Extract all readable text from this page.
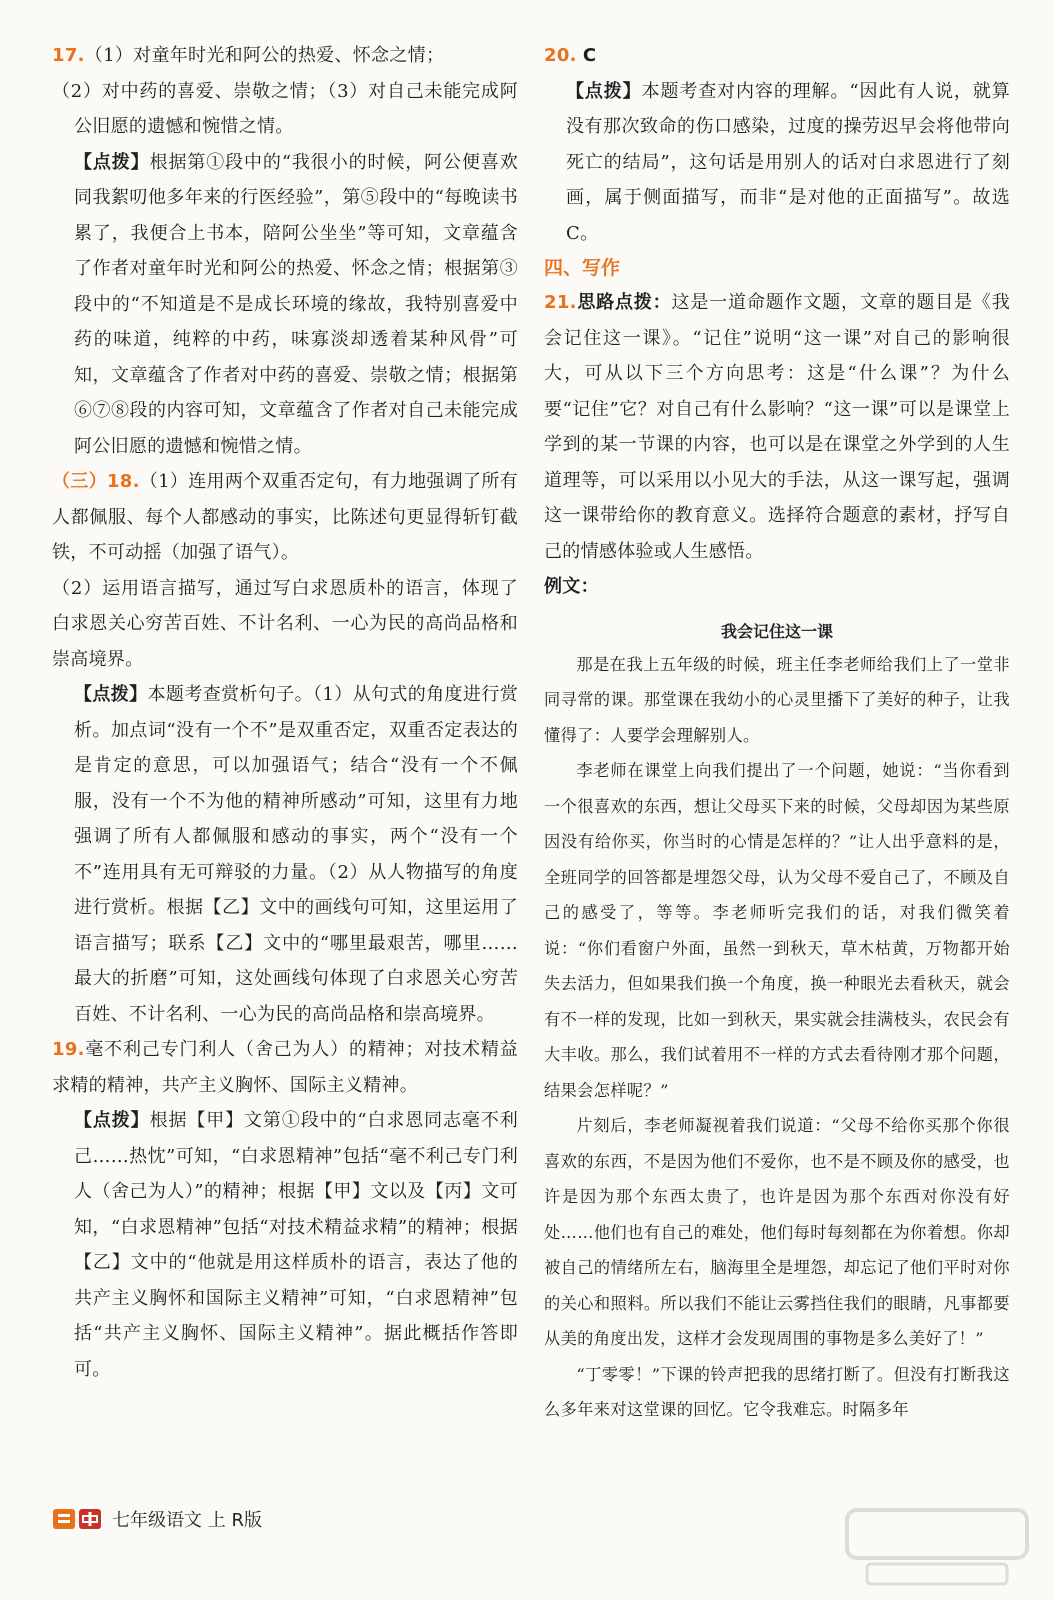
17.（1）对童年时光和阿公的热爱、怀念之情；

（2）对中药的喜爱、崇敬之情；（3）对自己未能完成阿公旧愿的遗憾和惋惜之情。

【点拨】根据第①段中的“我很小的时候，阿公便喜欢同我絮叨他多年来的行医经验”，第⑤段中的“每晚读书累了，我便合上书本，陪阿公坐坐”等可知，文章蕴含了作者对童年时光和阿公的热爱、怀念之情；根据第③段中的“不知道是不是成长环境的缘故，我特别喜爱中药的味道，纯粹的中药，味寡淡却透着某种风骨”可知，文章蕴含了作者对中药的喜爱、崇敬之情；根据第⑥⑦⑧段的内容可知，文章蕴含了作者对自己未能完成阿公旧愿的遗憾和惋惜之情。

（三）18.（1）连用两个双重否定句，有力地强调了所有人都佩服、每个人都感动的事实，比陈述句更显得斩钉截铁，不可动摇（加强了语气）。

（2）运用语言描写，通过写白求恩质朴的语言，体现了白求恩关心穷苦百姓、不计名利、一心为民的高尚品格和崇高境界。

【点拨】本题考查赏析句子。（1）从句式的角度进行赏析。加点词“没有一个不”是双重否定，双重否定表达的是肯定的意思，可以加强语气；结合“没有一个不佩服，没有一个不为他的精神所感动”可知，这里有力地强调了所有人都佩服和感动的事实，两个“没有一个不”连用具有无可辩驳的力量。（2）从人物描写的角度进行赏析。根据【乙】文中的画线句可知，这里运用了语言描写；联系【乙】文中的“哪里最艰苦，哪里……最大的折磨”可知，这处画线句体现了白求恩关心穷苦百姓、不计名利、一心为民的高尚品格和崇高境界。

19.毫不利己专门利人（舍己为人）的精神；对技术精益求精的精神，共产主义胸怀、国际主义精神。

【点拨】根据【甲】文第①段中的“白求恩同志毫不利己……热忱”可知，“白求恩精神”包括“毫不利己专门利人（舍己为人）”的精神；根据【甲】文以及【丙】文可知，“白求恩精神”包括“对技术精益求精”的精神；根据【乙】文中的“他就是用这样质朴的语言，表达了他的共产主义胸怀和国际主义精神”可知，“白求恩精神”包括“共产主义胸怀、国际主义精神”。据此概括作答即可。

20. C

【点拨】本题考查对内容的理解。“因此有人说，就算没有那次致命的伤口感染，过度的操劳迟早会将他带向死亡的结局”，这句话是用别人的话对白求恩进行了刻画，属于侧面描写，而非“是对他的正面描写”。故选C。

四、写作

21.思路点拨：这是一道命题作文题，文章的题目是《我会记住这一课》。“记住”说明“这一课”对自己的影响很大，可从以下三个方向思考：这是“什么课”？为什么要“记住”它？对自己有什么影响？“这一课”可以是课堂上学到的某一节课的内容，也可以是在课堂之外学到的人生道理等，可以采用以小见大的手法，从这一课写起，强调这一课带给你的教育意义。选择符合题意的素材，抒写自己的情感体验或人生感悟。

例文：

我会记住这一课

那是在我上五年级的时候，班主任李老师给我们上了一堂非同寻常的课。那堂课在我幼小的心灵里播下了美好的种子，让我懂得了：人要学会理解别人。

李老师在课堂上向我们提出了一个问题，她说：“当你看到一个很喜欢的东西，想让父母买下来的时候，父母却因为某些原因没有给你买，你当时的心情是怎样的？”让人出乎意料的是，全班同学的回答都是埋怨父母，认为父母不爱自己了，不顾及自己的感受了，等等。李老师听完我们的话，对我们微笑着说：“你们看窗户外面，虽然一到秋天，草木枯黄，万物都开始失去活力，但如果我们换一个角度，换一种眼光去看秋天，就会有不一样的发现，比如一到秋天，果实就会挂满枝头，农民会有大丰收。那么，我们试着用不一样的方式去看待刚才那个问题，结果会怎样呢？”

片刻后，李老师凝视着我们说道：“父母不给你买那个你很喜欢的东西，不是因为他们不爱你，也不是不顾及你的感受，也许是因为那个东西太贵了，也许是因为那个东西对你没有好处……他们也有自己的难处，他们每时每刻都在为你着想。你却被自己的情绪所左右，脑海里全是埋怨，却忘记了他们平时对你的关心和照料。所以我们不能让云雾挡住我们的眼睛，凡事都要从美的角度出发，这样才会发现周围的事物是多么美好了！”

“丁零零！”下课的铃声把我的思绪打断了。但没有打断我这么多年来对这堂课的回忆。它令我难忘。时隔多年

七年级语文 上 R版
